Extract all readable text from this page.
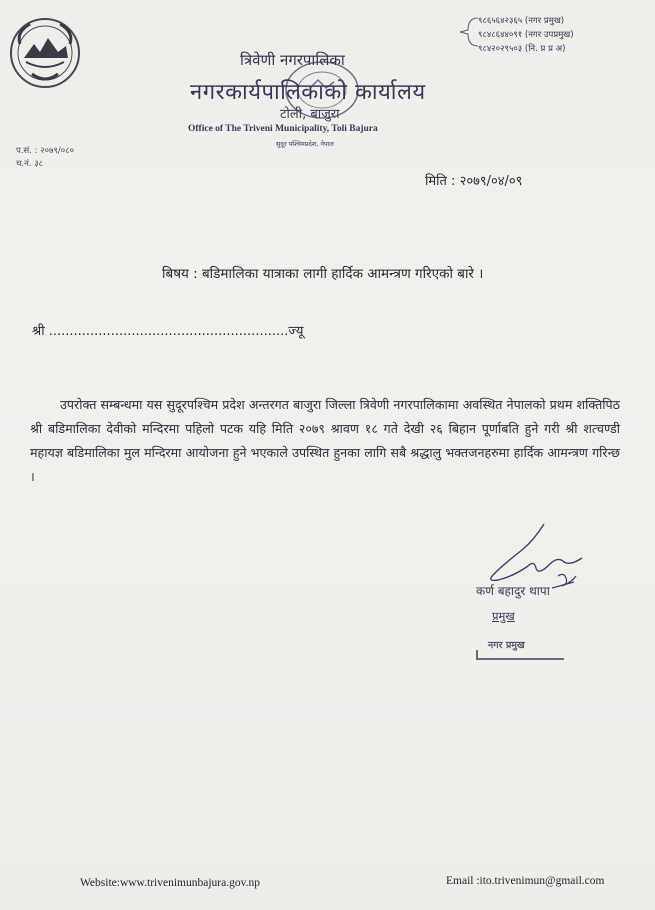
९८६५६४२३६५ (नगर प्रमुख)
९८४८६४४०९१ (नगर उपप्रमुख)
९८४२०२९५०३ (नि. प्र प्र अ)
त्रिवेणी नगरपालिका
नगरकार्यपालिकाको कार्यालय
टोली, बाजुरा
Office of The Triveni Municipality, Toli Bajura
सुदूर पश्चिमप्रदेश, नेपाल
प.सं. : २०७९/०८०
च.नं. ३८
मिति : २०७९/०४/०९
बिषय : बडिमालिका यात्राका लागी हार्दिक आमन्त्रण गरिएको बारे ।
श्री ..........................................................ज्यू
उपरोक्त सम्बन्धमा यस सुदूरपश्चिम प्रदेश अन्तरगत बाजुरा जिल्ला त्रिवेणी नगरपालिकामा अवस्थित नेपालको प्रथम शक्तिपिठ श्री बडिमालिका देवीको मन्दिरमा पहिलो पटक यहि मिति २०७९ श्रावण १८ गते देखी २६ बिहान पूर्णाबति हुने गरी श्री शत्चण्डी महायज्ञ बडिमालिका मुल मन्दिरमा आयोजना हुने भएकाले उपस्थित हुनका लागि सबै श्रद्धालु भक्तजनहरुमा हार्दिक आमन्त्रण गरिन्छ ।
कर्ण बहादुर थापा
प्रमुख
नगर प्रमुख
Website:www.trivenimunbajura.gov.np	Email :ito.trivenimun@gmail.com
